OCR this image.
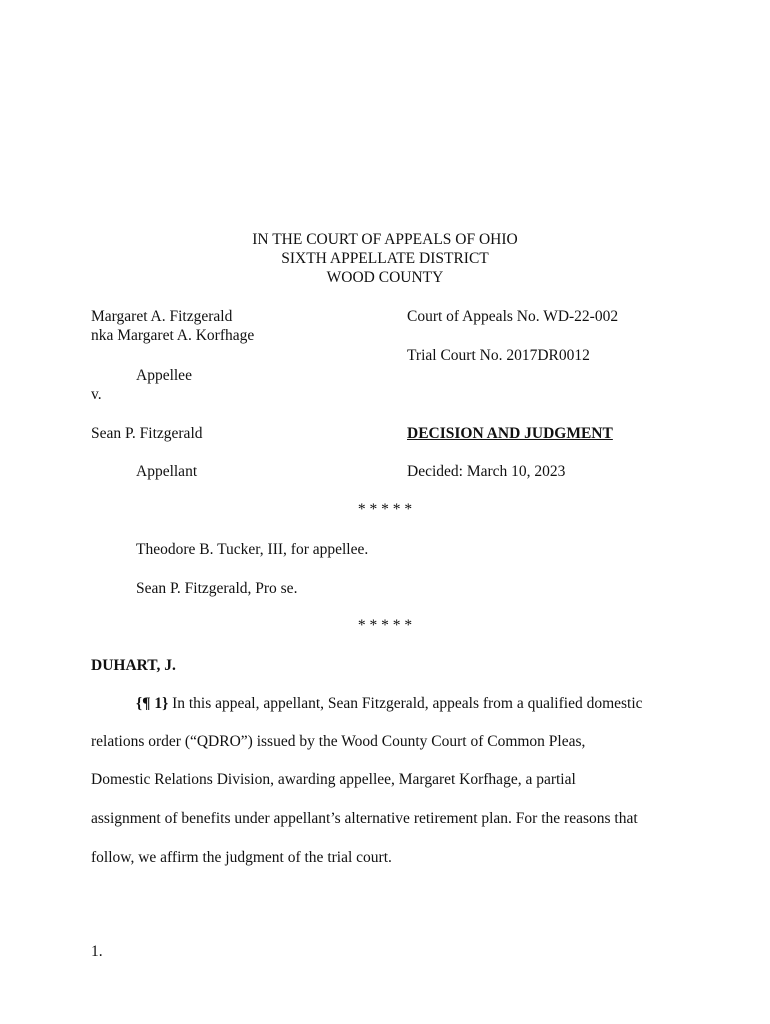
IN THE COURT OF APPEALS OF OHIO
SIXTH APPELLATE DISTRICT
WOOD COUNTY
Margaret A. Fitzgerald
nka Margaret A. Korfhage
Appellee
v.
Sean P. Fitzgerald
Appellant
Court of Appeals No. WD-22-002
Trial Court No. 2017DR0012
DECISION AND JUDGMENT
Decided: March 10, 2023
* * * * *
Theodore B. Tucker, III, for appellee.
Sean P. Fitzgerald, Pro se.
* * * * *
DUHART, J.
{¶ 1} In this appeal, appellant, Sean Fitzgerald, appeals from a qualified domestic
relations order (“QDRO”) issued by the Wood County Court of Common Pleas,
Domestic Relations Division, awarding appellee, Margaret Korfhage, a partial
assignment of benefits under appellant’s alternative retirement plan. For the reasons that
follow, we affirm the judgment of the trial court.
1.
